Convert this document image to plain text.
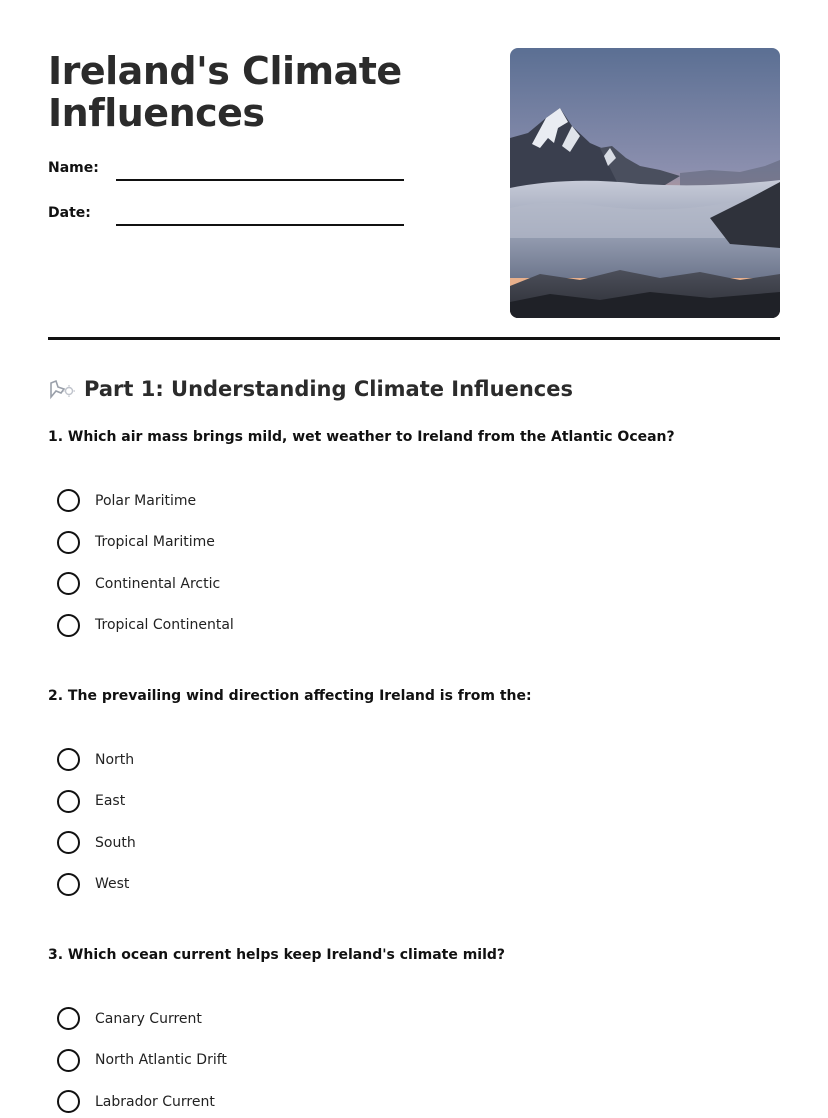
Ireland's Climate Influences
Name:
Date:
Part 1: Understanding Climate Influences

1. Which air mass brings mild, wet weather to Ireland from the Atlantic Ocean?

Polar Maritime
Tropical Maritime
Continental Arctic
Tropical Continental

2. The prevailing wind direction affecting Ireland is from the:

North
East
South
West

3. Which ocean current helps keep Ireland's climate mild?

Canary Current
North Atlantic Drift
Labrador Current
